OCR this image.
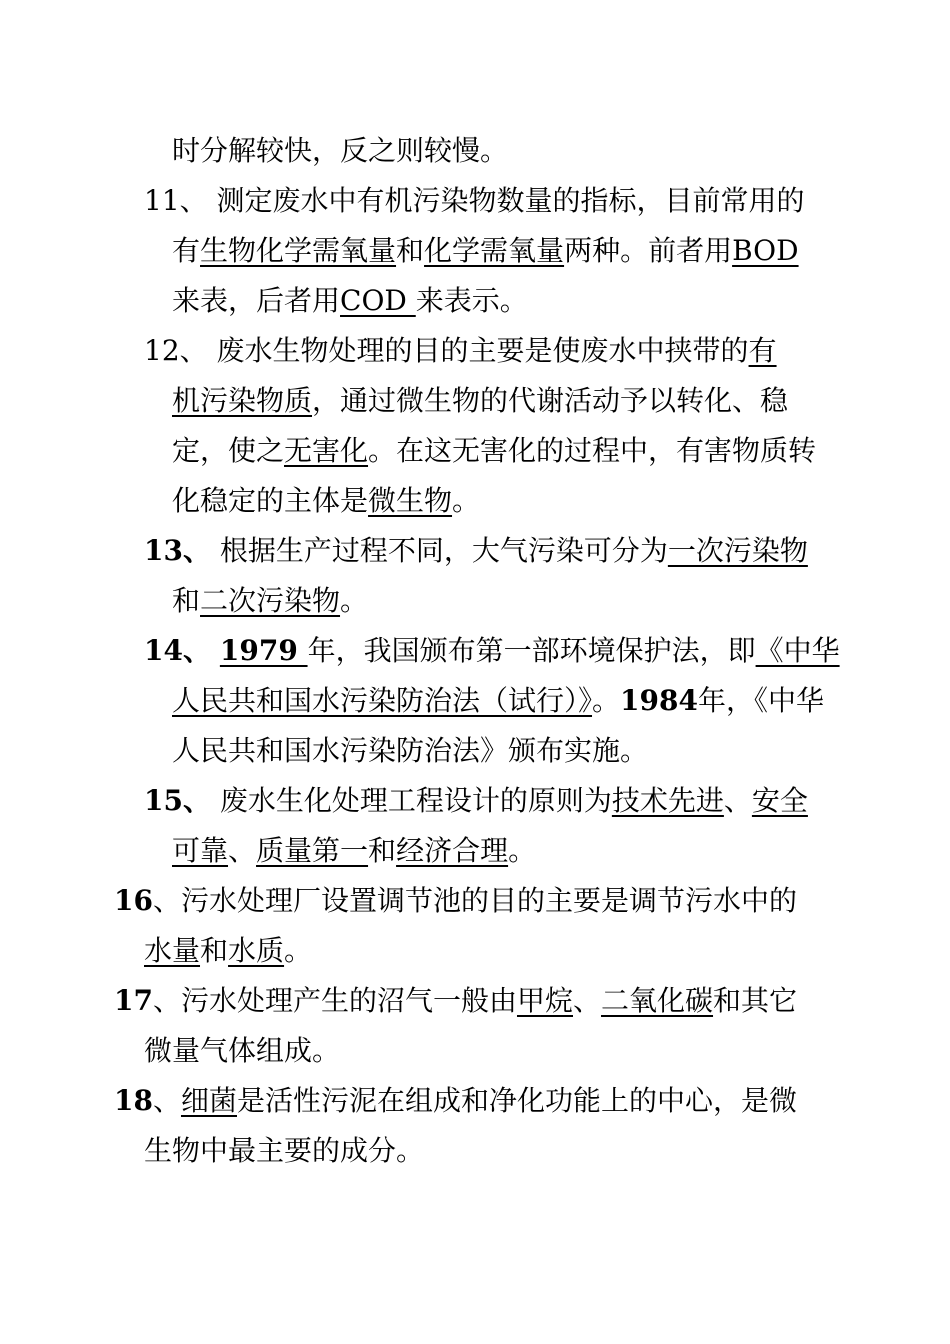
时分解较快，反之则较慢。
11、 测定废水中有机污染物数量的指标，目前常用的
有生物化学需氧量和化学需氧量两种。前者用BOD
来表，后者用COD 来表示。
12、 废水生物处理的目的主要是使废水中挟带的有
机污染物质，通过微生物的代谢活动予以转化、稳
定，使之无害化。在这无害化的过程中，有害物质转
化稳定的主体是微生物。
13、 根据生产过程不同，大气污染可分为一次污染物
和二次污染物。
14、 1979 年，我国颁布第一部环境保护法，即《中华
人民共和国水污染防治法（试行）》。1984年，《中华
人民共和国水污染防治法》颁布实施。
15、 废水生化处理工程设计的原则为技术先进、安全
可靠、质量第一和经济合理。
16、污水处理厂设置调节池的目的主要是调节污水中的
水量和水质。
17、污水处理产生的沼气一般由甲烷、二氧化碳和其它
微量气体组成。
18、细菌是活性污泥在组成和净化功能上的中心，是微
生物中最主要的成分。
